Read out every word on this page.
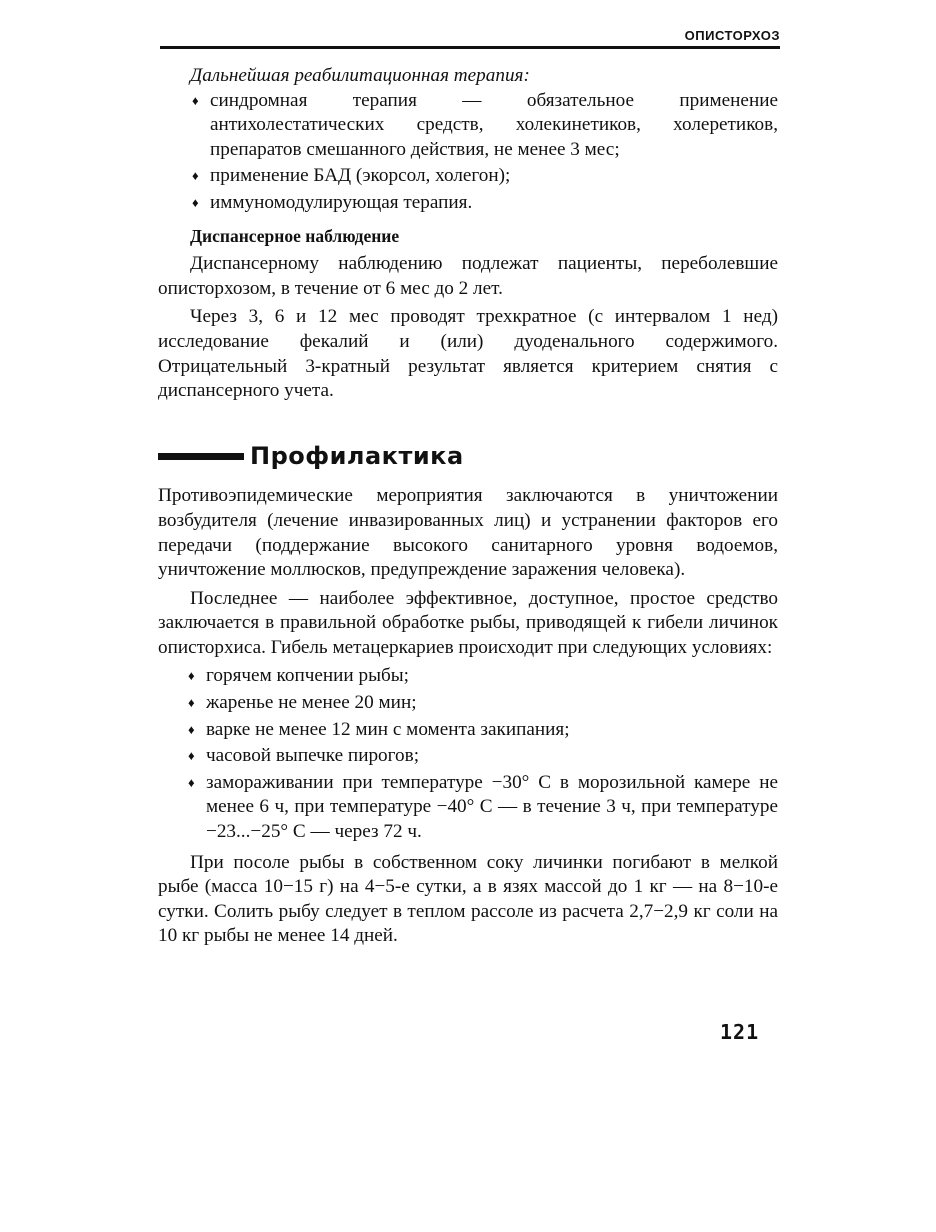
ОПИСТОРХОЗ

Дальнейшая реабилитационная терапия:

♦ синдромная терапия — обязательное применение антихолестатических средств, холекинетиков, холеретиков, препаратов смешанного действия, не менее 3 мес;
♦ применение БАД (экорсол, холегон);
♦ иммуномодулирующая терапия.

Диспансерное наблюдение

Диспансерному наблюдению подлежат пациенты, переболевшие описторхозом, в течение от 6 мес до 2 лет.

Через 3, 6 и 12 мес проводят трехкратное (с интервалом 1 нед) исследование фекалий и (или) дуоденального содержимого. Отрицательный 3-кратный результат является критерием снятия с диспансерного учета.

Профилактика

Противоэпидемические мероприятия заключаются в уничтожении возбудителя (лечение инвазированных лиц) и устранении факторов его передачи (поддержание высокого санитарного уровня водоемов, уничтожение моллюсков, предупреждение заражения человека).

Последнее — наиболее эффективное, доступное, простое средство заключается в правильной обработке рыбы, приводящей к гибели личинок описторхиса. Гибель метацеркариев происходит при следующих условиях:

♦ горячем копчении рыбы;
♦ жаренье не менее 20 мин;
♦ варке не менее 12 мин с момента закипания;
♦ часовой выпечке пирогов;
♦ замораживании при температуре −30° С в морозильной камере не менее 6 ч, при температуре −40° С — в течение 3 ч, при температуре −23...−25° С — через 72 ч.

При посоле рыбы в собственном соку личинки погибают в мелкой рыбе (масса 10−15 г) на 4−5-е сутки, а в язях массой до 1 кг — на 8−10-е сутки. Солить рыбу следует в теплом рассоле из расчета 2,7−2,9 кг соли на 10 кг рыбы не менее 14 дней.

121
